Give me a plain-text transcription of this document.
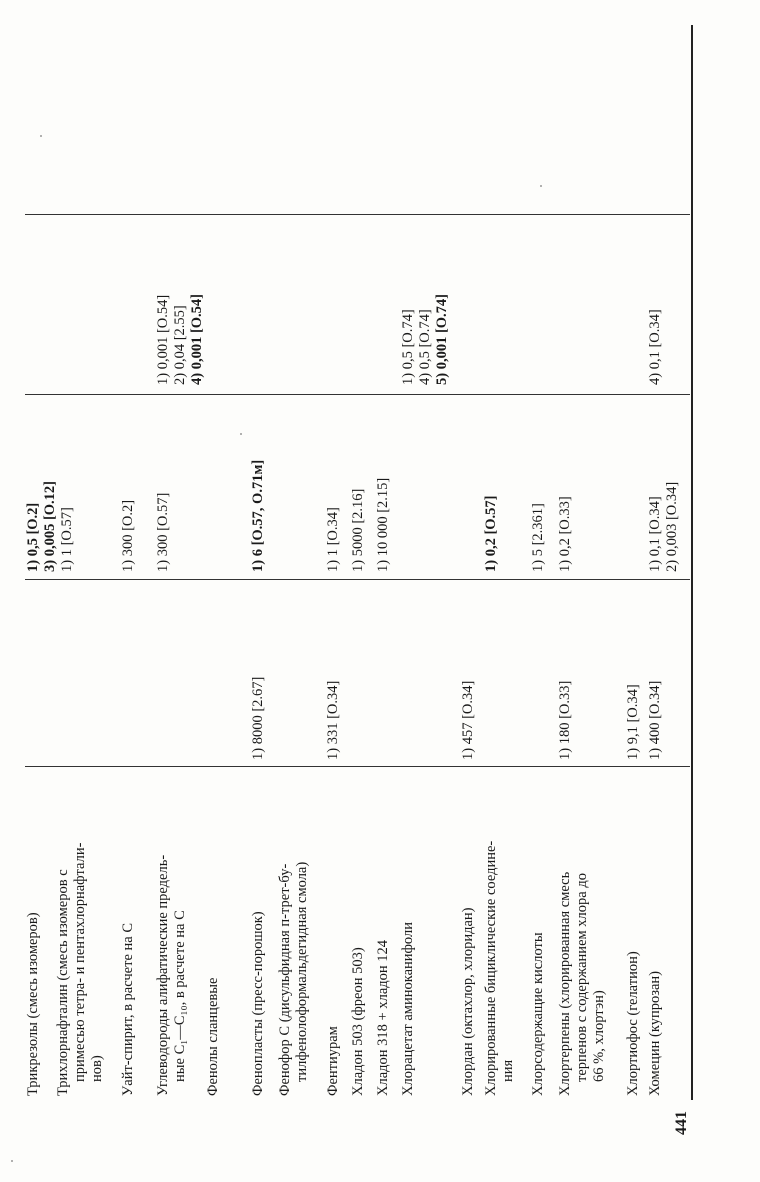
Трикрезолы (смесь изомеров)
1) 0,5 [O.2] 3) 0,005 [O.12] 1) 1 [O.57]
Трихлорнафталин (смесь изомеров с примесью тетра- и пентахлорнафтали- нов) Уайт-спирит, в расчете на С
1) 300 [O.2]
Углеводороды алифатические предель- ные C₁—C₁₀, в расчете на С
1) 300 [O.57]
1) 0,001 [O.54] 2) 0,04 [2.55] 4) 0,001 [O.54]
Фенолы сланцевые Фенопласты (пресс-порошок)
1) 8000 [2.67]
1) 6 [O.57, O.71м]
Фенофор С (дисульфидная п-трет-бу- тилфенолоформальдегидная смола) Фентиурам
1) 331 [O.34]
1) 1 [O.34]
Хладон 503 (фреон 503)
1) 5000 [2.16]
Хладон 318 + хладон 124
1) 10 000 [2.15]
Хлорацетат аминоканифоли
1) 0,5 [O.74] 4) 0,5 [O.74] 5) 0,001 [O.74]
Хлордан (октахлор, хлоридан)
1) 457 [O.34]
Хлорированные бициклические соедине- ния
1) 0,2 [O.57]
Хлорсодержащие кислоты
1) 5 [2.361]
Хлортерпены (хлорированная смесь терпенов с содержанием хлора до 66 %, хлортэн)
1) 180 [O.33]
1) 0,2 [O.33]
Хлортиофос (гелатион)
1) 9,1 [O.34]
Хомецин (купрозан)
1) 400 [O.34]
1) 0,1 [O.34] 2) 0,003 [O.34]
4) 0,1 [O.34]
441
